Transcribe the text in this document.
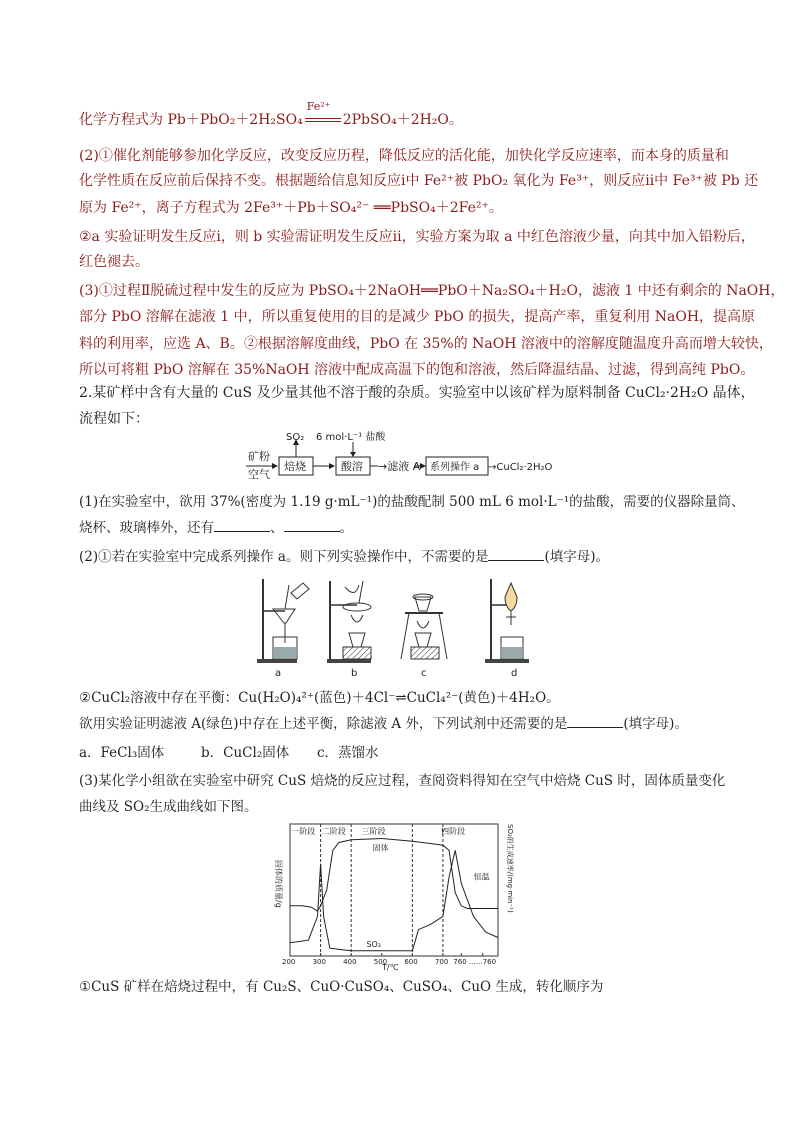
化学方程式为 Pb＋PbO₂＋2H₂SO₄
Fe²⁺
2PbSO₄＋2H₂O。
(2)①催化剂能够参加化学反应，改变反应历程，降低反应的活化能，加快化学反应速率，而本身的质量和
化学性质在反应前后保持不变。根据题给信息知反应ⅰ中 Fe²⁺被 PbO₂ 氧化为 Fe³⁺，则反应ⅱ中 Fe³⁺被 Pb 还
原为 Fe²⁺，离子方程式为 2Fe³⁺＋Pb＋SO₄²⁻ ══PbSO₄＋2Fe²⁺。
②a 实验证明发生反应ⅰ，则 b 实验需证明发生反应ⅱ，实验方案为取 a 中红色溶液少量，向其中加入铅粉后，
红色褪去。
(3)①过程Ⅱ脱硫过程中发生的反应为 PbSO₄＋2NaOH══PbO＋Na₂SO₄＋H₂O，滤液 1 中还有剩余的 NaOH，
部分 PbO 溶解在滤液 1 中，所以重复使用的目的是减少 PbO 的损失，提高产率，重复利用 NaOH，提高原
料的利用率，应选 A、B。②根据溶解度曲线，PbO 在 35%的 NaOH 溶液中的溶解度随温度升高而增大较快，
所以可将粗 PbO 溶解在 35%NaOH 溶液中配成高温下的饱和溶液，然后降温结晶、过滤，得到高纯 PbO。
2.某矿样中含有大量的 CuS 及少量其他不溶于酸的杂质。实验室中以该矿样为原料制备 CuCl₂·2H₂O 晶体，
流程如下：
矿粉
空气
焙烧
SO₂
酸溶
6 mol·L⁻¹ 盐酸
→滤液 A 系列操作 a →CuCl₂·2H₂O
(1)在实验室中，欲用 37%(密度为 1.19 g·mL⁻¹)的盐酸配制 500 mL 6 mol·L⁻¹的盐酸，需要的仪器除量筒、
烧杯、玻璃棒外，还有	、	。
(2)①若在实验室中完成系列操作 a。则下列实验操作中，不需要的是	(填字母)。
a	b	c	d
②CuCl₂溶液中存在平衡：Cu(H₂O)₄²⁺(蓝色)＋4Cl⁻⇌CuCl₄²⁻(黄色)＋4H₂O。
欲用实验证明滤液 A(绿色)中存在上述平衡，除滤液 A 外，下列试剂中还需要的是	(填字母)。
a．FeCl₃固体	b．CuCl₂固体 c．蒸馏水
(3)某化学小组欲在实验室中研究 CuS 焙烧的反应过程，查阅资料得知在空气中焙烧 CuS 时，固体质量变化
曲线及 SO₂生成曲线如下图。
一阶段 二阶段 三阶段	四阶段
200 300 400 500 600 700 760 ……760
固体
SO₂
恒温
固体的质量/g	SO₂的生成速率/(mg·min⁻¹)
T/℃
①CuS 矿样在焙烧过程中，有 Cu₂S、CuO·CuSO₄、CuSO₄、CuO 生成，转化顺序为
